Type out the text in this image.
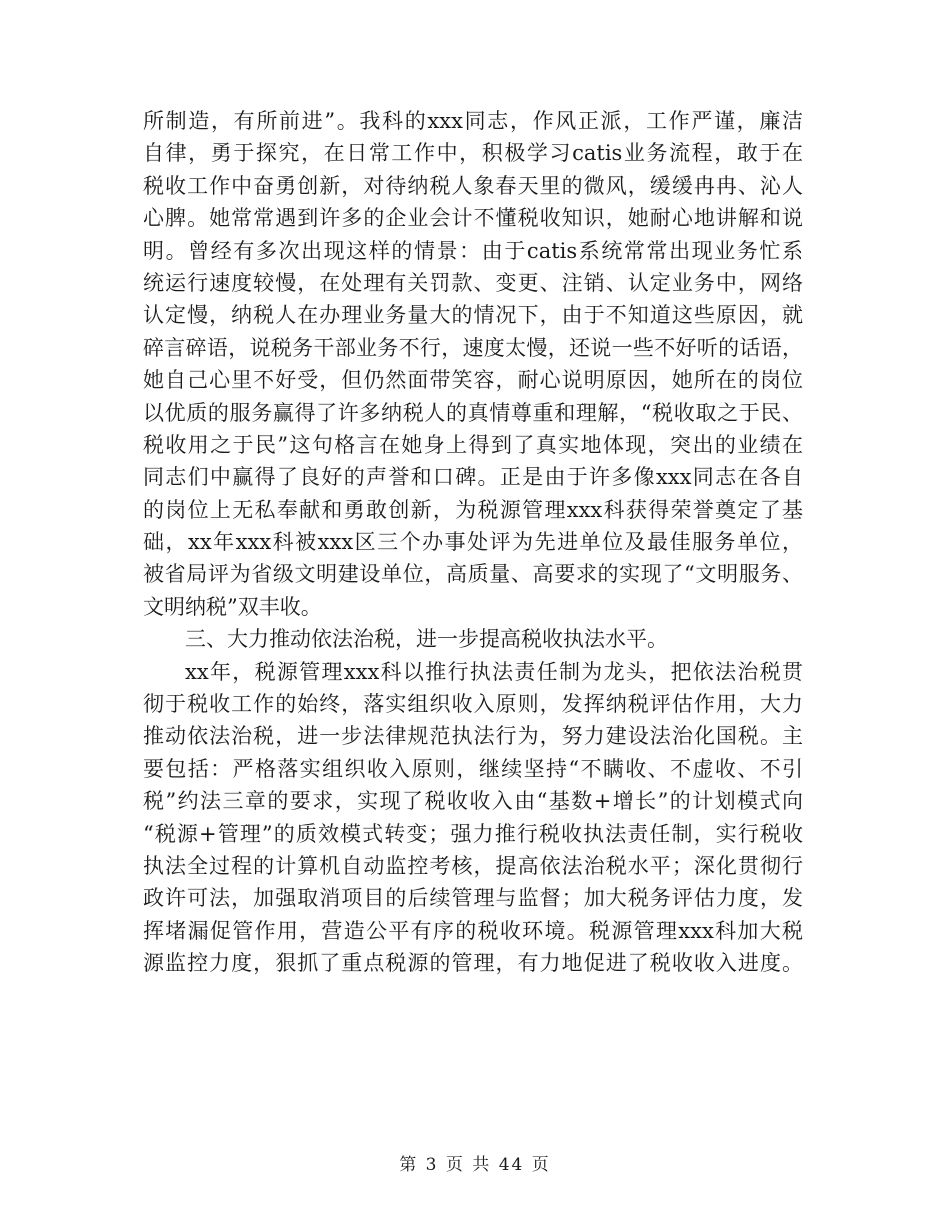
所制造，有所前进”。我科的xxx同志，作风正派，工作严谨，廉洁
自律，勇于探究，在日常工作中，积极学习catis业务流程，敢于在
税收工作中奋勇创新，对待纳税人象春天里的微风，缓缓冉冉、沁人
心脾。她常常遇到许多的企业会计不懂税收知识，她耐心地讲解和说
明。曾经有多次出现这样的情景：由于catis系统常常出现业务忙系
统运行速度较慢，在处理有关罚款、变更、注销、认定业务中，网络
认定慢，纳税人在办理业务量大的情况下，由于不知道这些原因，就
碎言碎语，说税务干部业务不行，速度太慢，还说一些不好听的话语，
她自己心里不好受，但仍然面带笑容，耐心说明原因，她所在的岗位
以优质的服务赢得了许多纳税人的真情尊重和理解，“税收取之于民、
税收用之于民”这句格言在她身上得到了真实地体现，突出的业绩在
同志们中赢得了良好的声誉和口碑。正是由于许多像xxx同志在各自
的岗位上无私奉献和勇敢创新，为税源管理xxx科获得荣誉奠定了基
础，xx年xxx科被xxx区三个办事处评为先进单位及最佳服务单位，
被省局评为省级文明建设单位，高质量、高要求的实现了“文明服务、
文明纳税”双丰收。
三、大力推动依法治税，进一步提高税收执法水平。
xx年，税源管理xxx科以推行执法责任制为龙头，把依法治税贯
彻于税收工作的始终，落实组织收入原则，发挥纳税评估作用，大力
推动依法治税，进一步法律规范执法行为，努力建设法治化国税。主
要包括：严格落实组织收入原则，继续坚持“不瞒收、不虚收、不引
税”约法三章的要求，实现了税收收入由“基数+增长”的计划模式向
“税源+管理”的质效模式转变；强力推行税收执法责任制，实行税收
执法全过程的计算机自动监控考核，提高依法治税水平；深化贯彻行
政许可法，加强取消项目的后续管理与监督；加大税务评估力度，发
挥堵漏促管作用，营造公平有序的税收环境。税源管理xxx科加大税
源监控力度，狠抓了重点税源的管理，有力地促进了税收收入进度。
第 3 页 共 44 页
